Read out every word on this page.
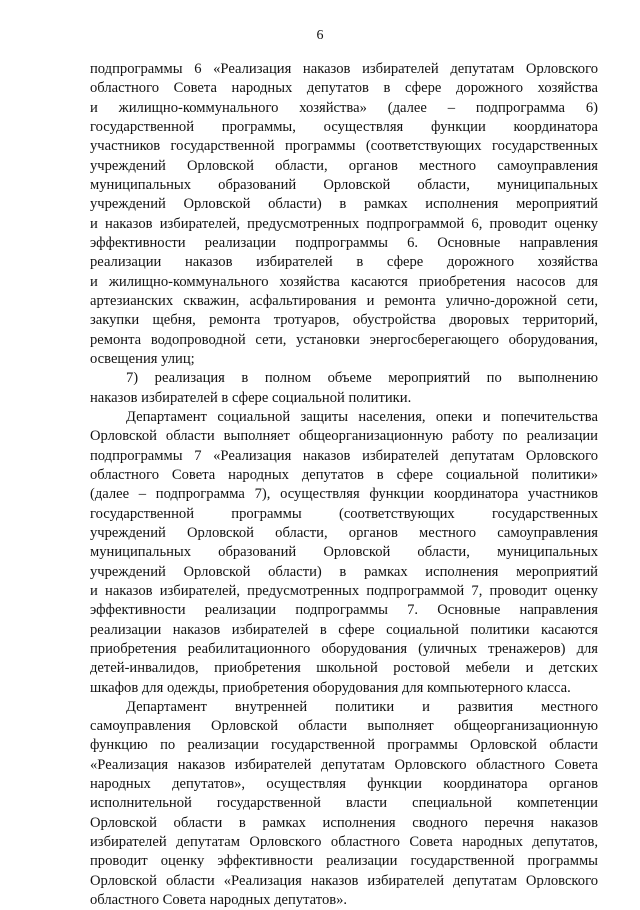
6
подпрограммы 6 «Реализация наказов избирателей депутатам Орловского
областного Совета народных депутатов в сфере дорожного хозяйства
и жилищно-коммунального хозяйства» (далее – подпрограмма 6)
государственной программы, осуществляя функции координатора
участников государственной программы (соответствующих государственных
учреждений Орловской области, органов местного самоуправления
муниципальных образований Орловской области, муниципальных
учреждений Орловской области) в рамках исполнения мероприятий
и наказов избирателей, предусмотренных подпрограммой 6, проводит оценку
эффективности реализации подпрограммы 6. Основные направления
реализации наказов избирателей в сфере дорожного хозяйства
и жилищно-коммунального хозяйства касаются приобретения насосов для
артезианских скважин, асфальтирования и ремонта улично-дорожной сети,
закупки щебня, ремонта тротуаров, обустройства дворовых территорий,
ремонта водопроводной сети, установки энергосберегающего оборудования,
освещения улиц;
7) реализация в полном объеме мероприятий по выполнению
наказов избирателей в сфере социальной политики.
Департамент социальной защиты населения, опеки и попечительства
Орловской области выполняет общеорганизационную работу по реализации
подпрограммы 7 «Реализация наказов избирателей депутатам Орловского
областного Совета народных депутатов в сфере социальной политики»
(далее – подпрограмма 7), осуществляя функции координатора участников
государственной программы (соответствующих государственных
учреждений Орловской области, органов местного самоуправления
муниципальных образований Орловской области, муниципальных
учреждений Орловской области) в рамках исполнения мероприятий
и наказов избирателей, предусмотренных подпрограммой 7, проводит оценку
эффективности реализации подпрограммы 7. Основные направления
реализации наказов избирателей в сфере социальной политики касаются
приобретения реабилитационного оборудования (уличных тренажеров) для
детей-инвалидов, приобретения школьной ростовой мебели и детских
шкафов для одежды, приобретения оборудования для компьютерного класса.
Департамент внутренней политики и развития местного
самоуправления Орловской области выполняет общеорганизационную
функцию по реализации государственной программы Орловской области
«Реализация наказов избирателей депутатам Орловского областного Совета
народных депутатов», осуществляя функции координатора органов
исполнительной государственной власти специальной компетенции
Орловской области в рамках исполнения сводного перечня наказов
избирателей депутатам Орловского областного Совета народных депутатов,
проводит оценку эффективности реализации государственной программы
Орловской области «Реализация наказов избирателей депутатам Орловского
областного Совета народных депутатов».
